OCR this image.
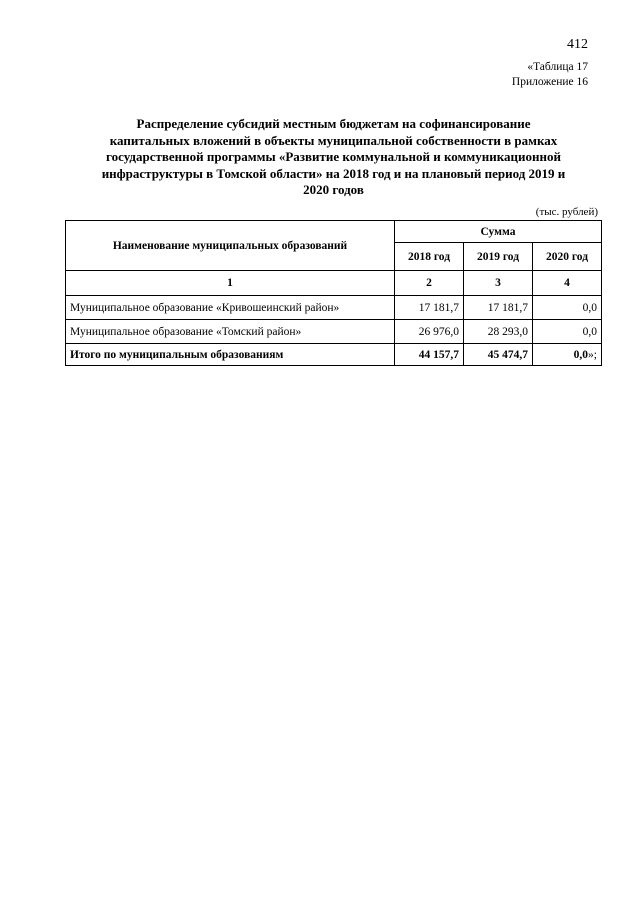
412
«Таблица 17
Приложение 16
Распределение субсидий местным бюджетам на софинансирование
капитальных вложений в объекты муниципальной собственности в рамках
государственной программы «Развитие коммунальной и коммуникационной
инфраструктуры в Томской области» на 2018 год и на плановый период 2019 и
2020 годов
(тыс. рублей)
Наименование муниципальных образований	Сумма		
	2018 год	2019 год	2020 год
1	2	3	4
Муниципальное образование «Кривошеинский район»	17 181,7	17 181,7	0,0
Муниципальное образование «Томский район»	26 976,0	28 293,0	0,0
Итого по муниципальным образованиям	44 157,7	45 474,7	0,0»;
